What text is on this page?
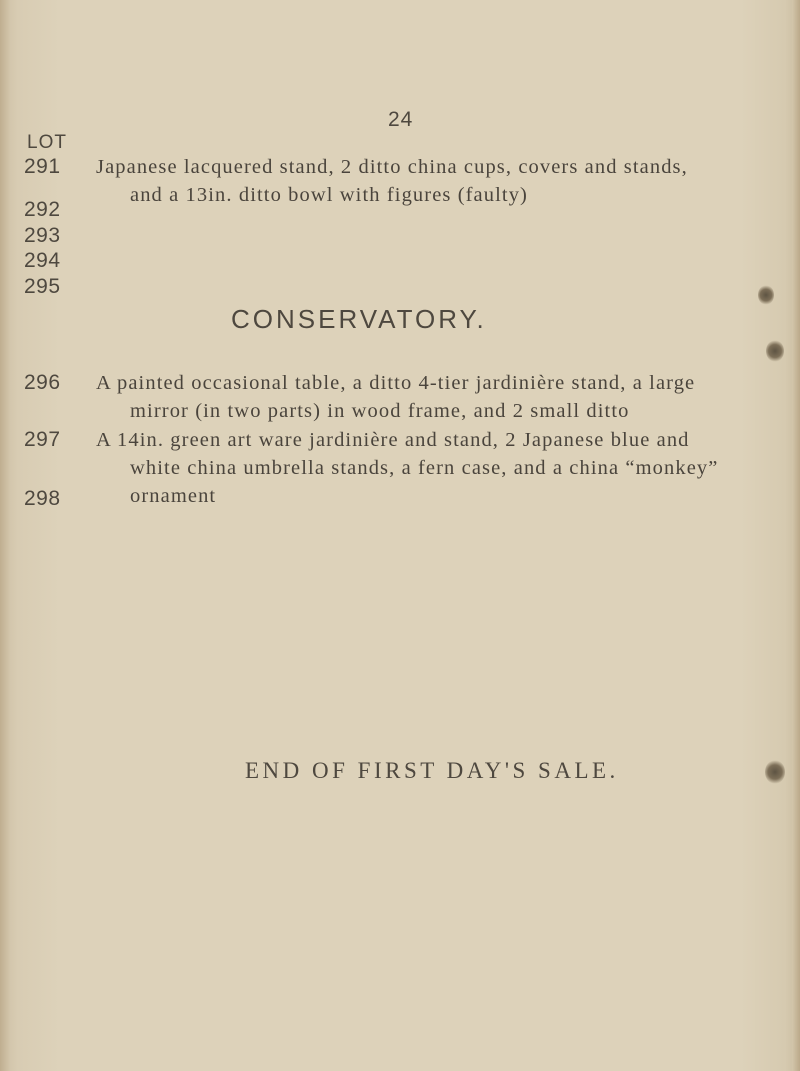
24
LOT
291 Japanese lacquered stand, 2 ditto china cups, covers and stands,
and a 13in. ditto bowl with figures (faulty)
292
293
294
295
CONSERVATORY.
296 A painted occasional table, a ditto 4-tier jardinière stand, a large
mirror (in two parts) in wood frame, and 2 small ditto
297 A 14in. green art ware jardinière and stand, 2 Japanese blue and
white china umbrella stands, a fern case, and a china “monkey”
ornament
298
END OF FIRST DAY'S SALE.
